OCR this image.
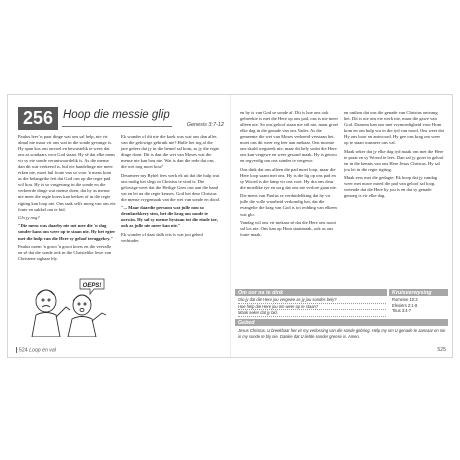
256 Hoop die messie glip
Genesis 3:7-12

Paulus leer 'n paar dinge wat ons sal help, nie vir almal nie maar vir ons wat in die sonde gevange is. Hy span kos om onvoel en bewustelik te wees dat ons as sondaars voor God staan. Hy sê dat elke mens vir sy eie sonde verantwoordelik is. As die mense dan dit wat verkeerd is, hul eie handelinge nie meer erken nie, moet hul foute van so voor 'n mens kom as die belangrike feit dat God ons op die regte pad wil hou. Hy is so vasgevang in die sonde en die verkeerde dinge wat mense doen, dat hy as mense nie meer die regte koers kan herken of in die regte rigting kan loop nie. Ons raak selfs moeg van ons eie foute en sukkel om te bid.

Glo jy nog?

"Die mens was daarby nie net mee die 'n slag sonder kans om weer op te staan nie. Hy het egter met die hulp van die Here sy geloof teruggekry."

Paulus noem 'n groot 'n groot koers en die vervalle en sê dat die sonde ook in die Christelike lewe van Christene sigbaar bly.

Ek wonder of dit nie die koek was wat ons dan alles van die gelowige gebruik nie? Hulle het tog al die jare geleer dat jy in die hemel sal kom, as jy die regte dinge doen. Dit is dan die wet van Moses wat die mense nie kan hou nie. Wat is dan die rede dat ons die wet nog moet hou?

Deurmeer my Bybel lees werk ek uit dat die hulp wat ons nodig het slegs in Christus te vind is. Die gelowige weet dat die Heilige Gees ons aan die hand vat en lei na die regte keuses. God het deur Christus die mense vrygemaak van die wet van sonde en dood.

"... Maar daardie persoon wat julle nou so dronknekkery sien, het die krag om sonde te oorwin. Hy sal sy mense bystaan tot die einde toe, ook as julle nie meer kan nie."

Ek wonder of daar dalk iets is wat jou gebed verhinder.

OEPS!
524 Loop en val

en hy is van God se sonde af. Dit is hoe ons ook gebreekte is met die Here op ons pad, ons is nie meer alleen nie. So ons geloof staan nie stil nie, maar groei elke dag in die genade van ons Vader. As die gemeente die wet van Moses verkeerd verstaan het, moet ons dit weer reg leer aan mekaar. Ons moenie ons skuld wegsteek nie, maar dit bely sodat die Here ons kan vergewe en weer gesond maak. Hy is getrou en regverdig om ons sondes te vergewe.

Ons dink dat ons alleen die pad moet loop, maar die Here loop saam met ons. Hy is die lig op ons pad en sy Woord is die lamp vir ons voet. Hy dra ons deur die moeilike tye en sorg dat ons nie verlore gaan nie.

Die mens van Paulus se verduideliking dat hy vir julle die volle waarheid verkondig het, dat die evangelie die krag van God is tot redding van elkeen wat glo.

Vandag wil ons vir mekaar sê dat die Here ons nooit sal los nie. Ons kan op Hom staatmaak, ook as ons foute maak.

en onthou dat ons die genade van Christus ontvang het. Dit is nie ons eie werk nie, maar die gawe van God. Daarom kan ons met vrymoedigheid voor Hom kom en om hulp vra in die tyd van nood. Ons weet dat Hy ons hoor en antwoord. Hy gee ons krag om weer op te staan wanneer ons val.

Maak seker dat jy elke dag tyd maak om met die Here te praat en sy Woord te lees. Dan sal jy groei in geloof en in die kennis van ons Here Jesus Christus. Hy sal jou lei in die regte rigting.

Maak eers met die gedagte: Ek hoop dat jy vandag weer met nuwe moed die pad van geloof sal loop, wetende dat die Here by jou is en dat sy genade genoeg is vir elke dag.

Om oor na te dink
Glo jy dat die Here jou vergewe as jy jou sondes bely?
Hoe help die Here jou om weer op te staan?
Maak seker dat jy bid.
Kruisverwysing
Romeine 10:3
Efesiërs 2:1-8
Titus 3:4-7
Gebed
Jesus Christus, U breekbaar het vir my verlossing van die sonde gebring. Help my om U genade te aanvaar en nie in my sonde te bly nie. Dankie dat U liefde sonder grense is. Amen.
525
